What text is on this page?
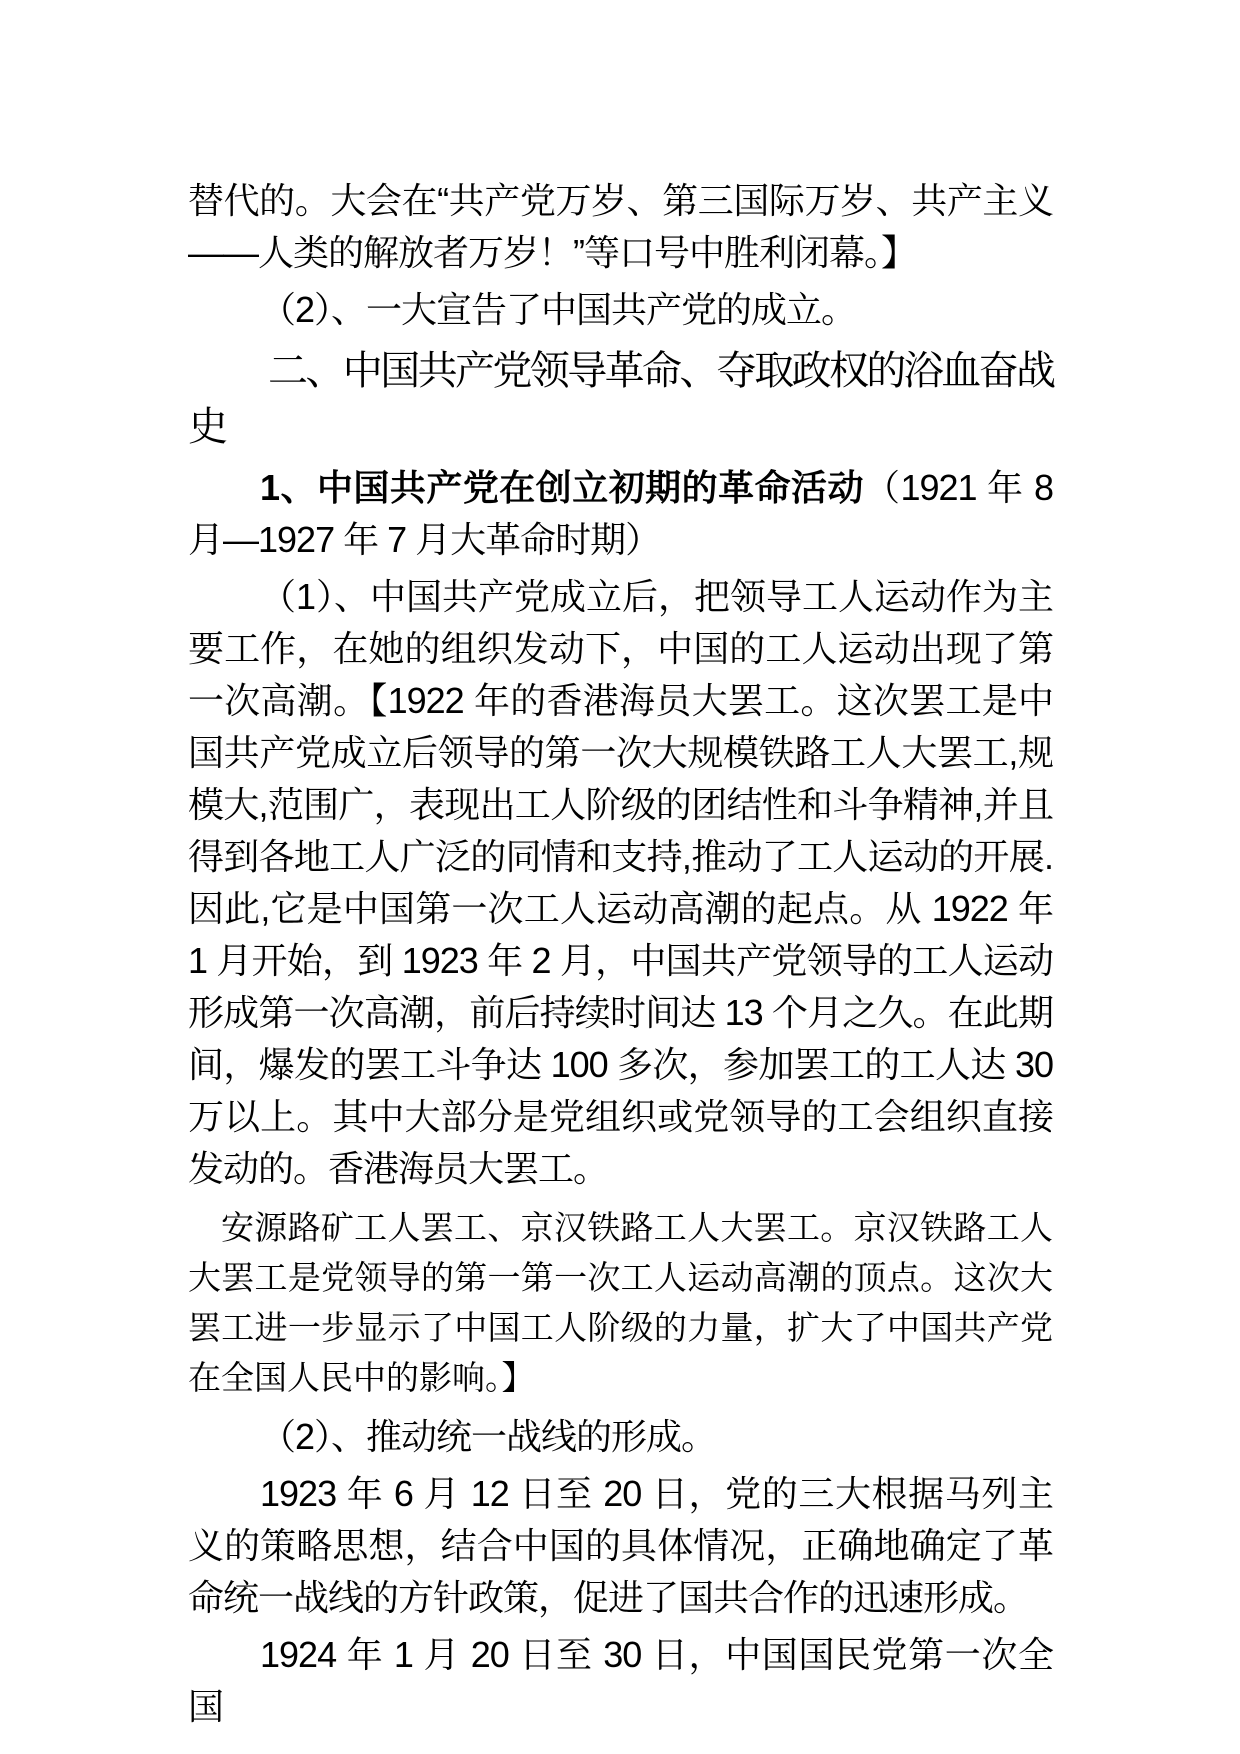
替代的。大会在“共产党万岁、第三国际万岁、共产主义——人类的解放者万岁！”等口号中胜利闭幕。】

（2）、一大宣告了中国共产党的成立。

二、中国共产党领导革命、夺取政权的浴血奋战史

1、中国共产党在创立初期的革命活动（1921 年 8 月—1927 年 7 月大革命时期）

（1）、中国共产党成立后，把领导工人运动作为主要工作，在她的组织发动下，中国的工人运动出现了第一次高潮。【1922 年的香港海员大罢工。这次罢工是中国共产党成立后领导的第一次大规模铁路工人大罢工,规模大,范围广，表现出工人阶级的团结性和斗争精神,并且得到各地工人广泛的同情和支持,推动了工人运动的开展.因此,它是中国第一次工人运动高潮的起点。从 1922 年 1 月开始，到 1923 年 2 月，中国共产党领导的工人运动形成第一次高潮，前后持续时间达 13 个月之久。在此期间，爆发的罢工斗争达 100 多次，参加罢工的工人达 30 万以上。其中大部分是党组织或党领导的工会组织直接发动的。香港海员大罢工。

安源路矿工人罢工、京汉铁路工人大罢工。京汉铁路工人大罢工是党领导的第一第一次工人运动高潮的顶点。这次大罢工进一步显示了中国工人阶级的力量，扩大了中国共产党在全国人民中的影响。】

（2）、推动统一战线的形成。

1923 年 6 月 12 日至 20 日，党的三大根据马列主义的策略思想，结合中国的具体情况，正确地确定了革命统一战线的方针政策，促进了国共合作的迅速形成。

1924 年 1 月 20 日至 30 日，中国国民党第一次全国
